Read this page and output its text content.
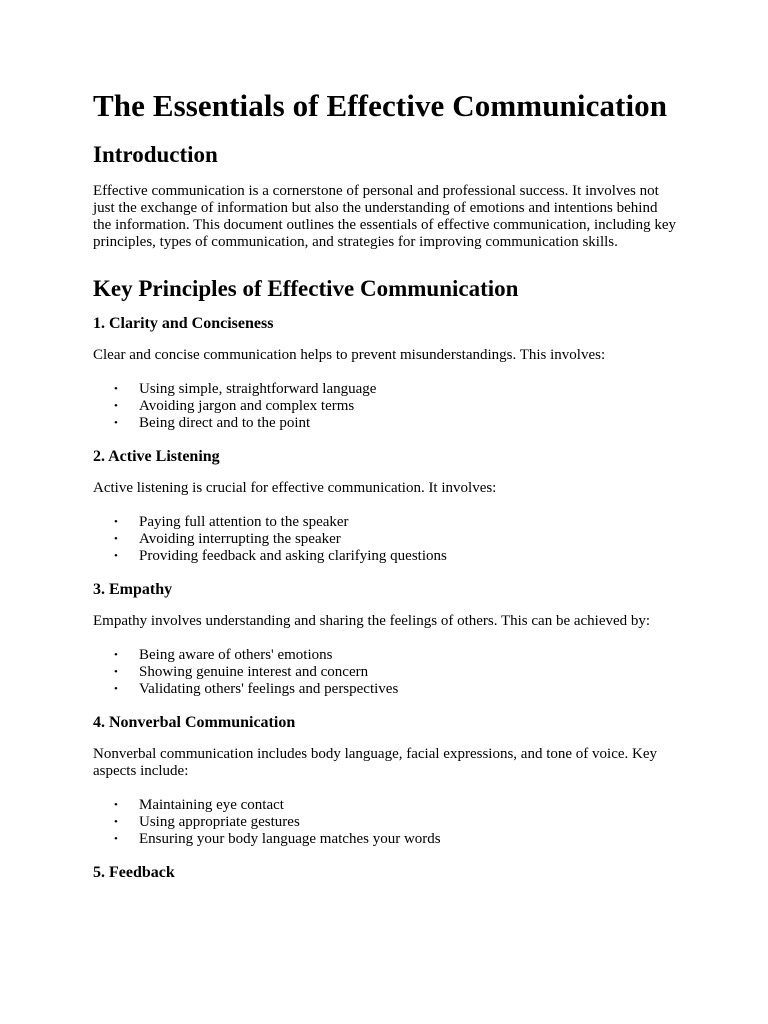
The Essentials of Effective Communication
Introduction

Effective communication is a cornerstone of personal and professional success. It involves not just the exchange of information but also the understanding of emotions and intentions behind the information. This document outlines the essentials of effective communication, including key principles, types of communication, and strategies for improving communication skills.

Key Principles of Effective Communication
1. Clarity and Conciseness

Clear and concise communication helps to prevent misunderstandings. This involves:

• Using simple, straightforward language
• Avoiding jargon and complex terms
• Being direct and to the point
2. Active Listening

Active listening is crucial for effective communication. It involves:

• Paying full attention to the speaker
• Avoiding interrupting the speaker
• Providing feedback and asking clarifying questions
3. Empathy

Empathy involves understanding and sharing the feelings of others. This can be achieved by:

• Being aware of others' emotions
• Showing genuine interest and concern
• Validating others' feelings and perspectives
4. Nonverbal Communication

Nonverbal communication includes body language, facial expressions, and tone of voice. Key aspects include:

• Maintaining eye contact
• Using appropriate gestures
• Ensuring your body language matches your words
5. Feedback
